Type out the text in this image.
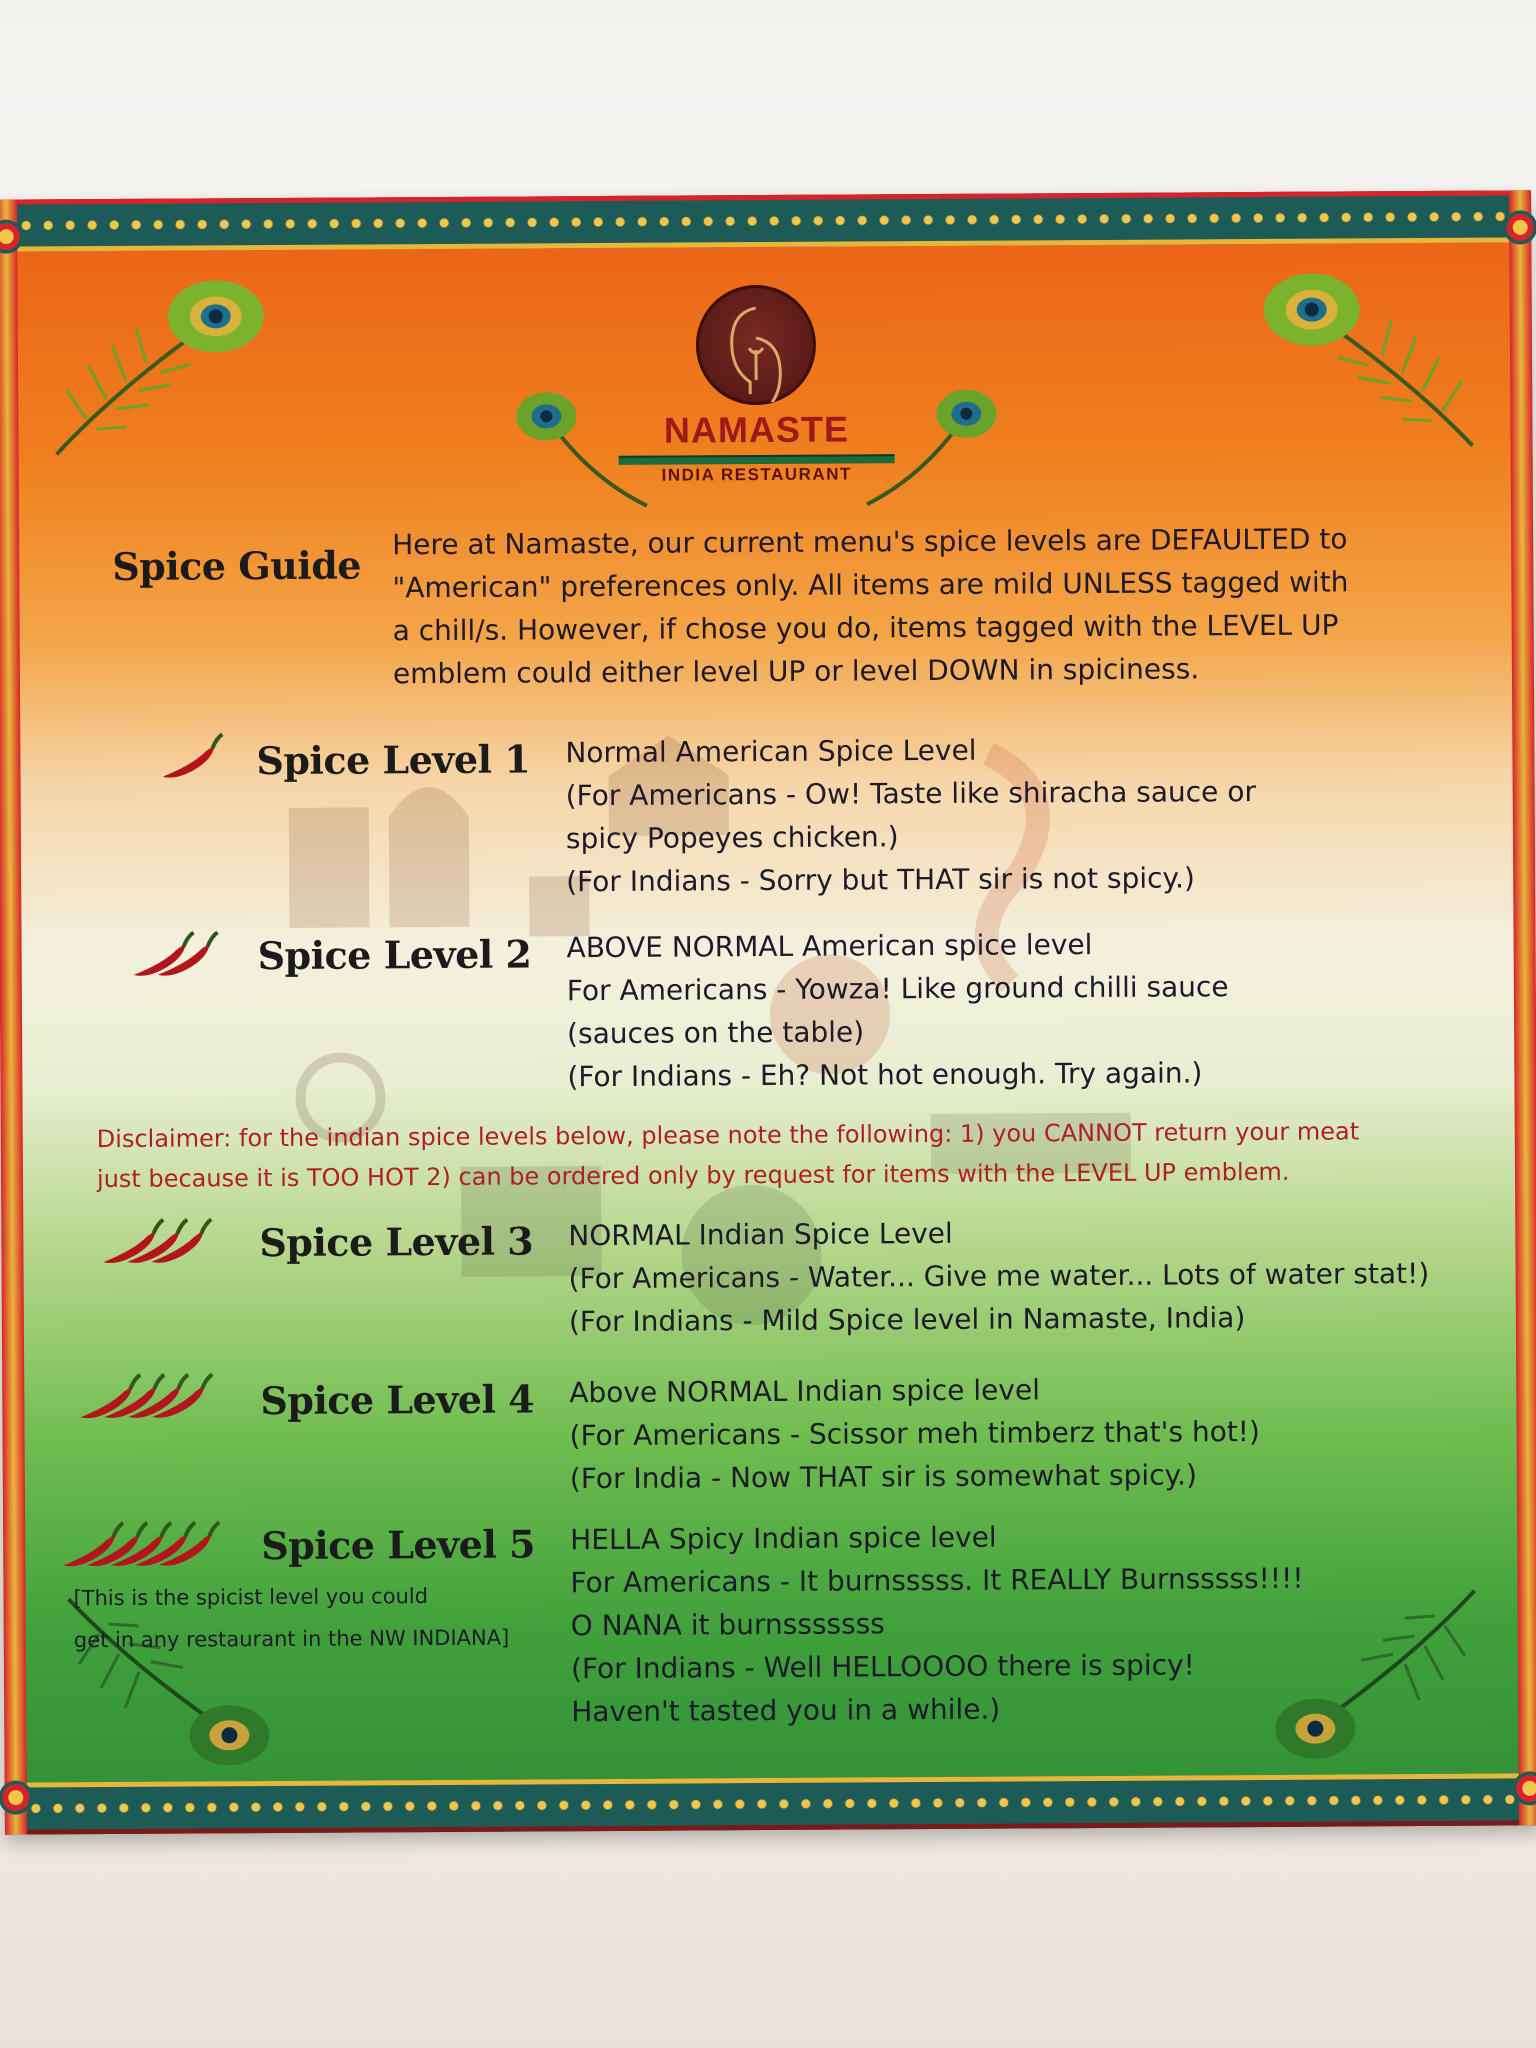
NAMASTE
INDIA RESTAURANT
Spice Guide
Here at Namaste, our current menu's spice levels are DEFAULTED to
"American" preferences only. All items are mild UNLESS tagged with
a chill/s. However, if chose you do, items tagged with the LEVEL UP
emblem could either level UP or level DOWN in spiciness.
Spice Level 1 Normal American Spice Level
(For Americans - Ow! Taste like shiracha sauce or
spicy Popeyes chicken.)
(For Indians - Sorry but THAT sir is not spicy.)
Spice Level 2 ABOVE NORMAL American spice level
For Americans - Yowza! Like ground chilli sauce
(sauces on the table)
(For Indians - Eh? Not hot enough. Try again.)
Disclaimer: for the indian spice levels below, please note the following: 1) you CANNOT return your meat
just because it is TOO HOT 2) can be ordered only by request for items with the LEVEL UP emblem.
Spice Level 3 NORMAL Indian Spice Level
(For Americans - Water... Give me water... Lots of water stat!)
(For Indians - Mild Spice level in Namaste, India)
Spice Level 4 Above NORMAL Indian spice level
(For Americans - Scissor meh timberz that's hot!)
(For India - Now THAT sir is somewhat spicy.)
Spice Level 5
[This is the spicist level you could
get in any restaurant in the NW INDIANA]
HELLA Spicy Indian spice level
For Americans - It burnsssss. It REALLY Burnsssss!!!!
O NANA it burnsssssss
(For Indians - Well HELLOOOO there is spicy!
Haven't tasted you in a while.)
